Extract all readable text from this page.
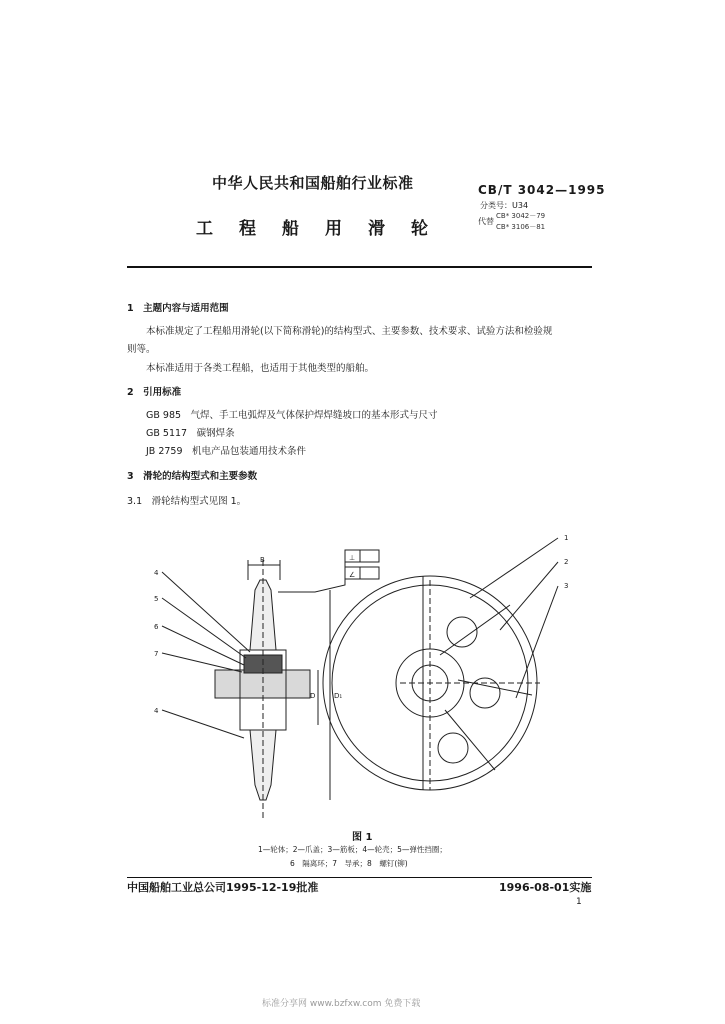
中华人民共和国船舶行业标准
工程船用滑轮
CB/T 3042—1995
分类号：U34
代替
CB* 3042－79
CB* 3106－81
1　主题内容与适用范围
本标准规定了工程船用滑轮(以下简称滑轮)的结构型式、主要参数、技术要求、试验方法和检验规
则等。
本标准适用于各类工程船，也适用于其他类型的船舶。
2　引用标准
GB 985　气焊、手工电弧焊及气体保护焊焊缝坡口的基本形式与尺寸
GB 5117　碳钢焊条
JB 2759　机电产品包装通用技术条件
3　滑轮的结构型式和主要参数
3.1　滑轮结构型式见图 1。
1
2
3
4
5
6
7
4
B
D	D₁
⊥
∠
图 1
1—轮体；2—爪盖；3—筋板；4—轮壳；5—弹性挡圈；
6　隔离环；7　导承；8　螺钉(铆)
中国船舶工业总公司1995-12-19批准	1996-08-01实施
1
标准分享网 www.bzfxw.com 免费下载
